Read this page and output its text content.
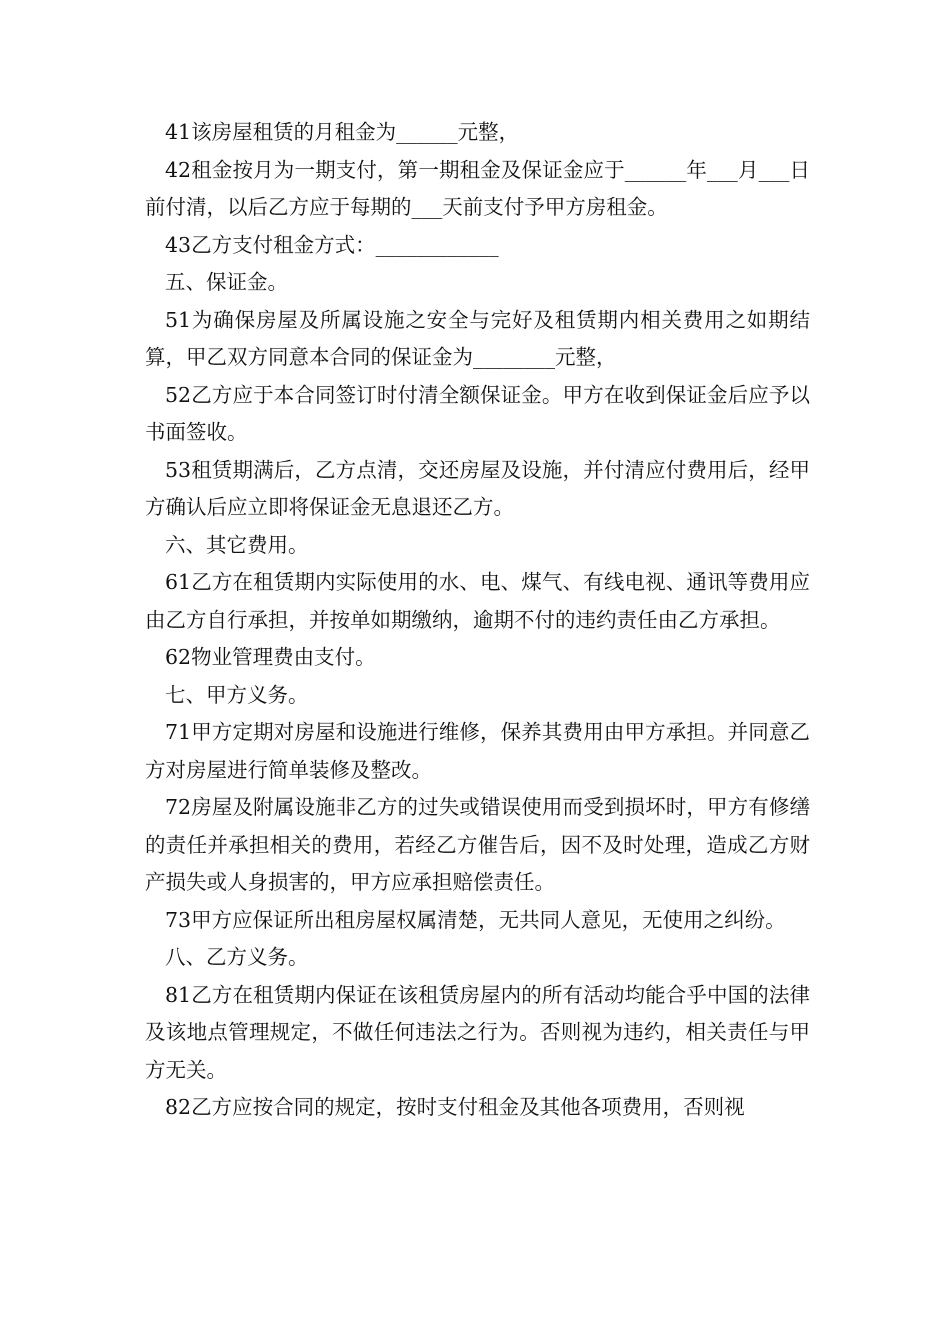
41该房屋租赁的月租金为______元整，

42租金按月为一期支付，第一期租金及保证金应于______年___月___日前付清，以后乙方应于每期的___天前支付予甲方房租金。

43乙方支付租金方式：____________

五、保证金。

51为确保房屋及所属设施之安全与完好及租赁期内相关费用之如期结算，甲乙双方同意本合同的保证金为________元整，

52乙方应于本合同签订时付清全额保证金。甲方在收到保证金后应予以书面签收。

53租赁期满后，乙方点清，交还房屋及设施，并付清应付费用后，经甲方确认后应立即将保证金无息退还乙方。

六、其它费用。

61乙方在租赁期内实际使用的水、电、煤气、有线电视、通讯等费用应由乙方自行承担，并按单如期缴纳，逾期不付的违约责任由乙方承担。

62物业管理费由支付。

七、甲方义务。

71甲方定期对房屋和设施进行维修，保养其费用由甲方承担。并同意乙方对房屋进行简单装修及整改。

72房屋及附属设施非乙方的过失或错误使用而受到损坏时，甲方有修缮的责任并承担相关的费用，若经乙方催告后，因不及时处理，造成乙方财产损失或人身损害的，甲方应承担赔偿责任。

73甲方应保证所出租房屋权属清楚，无共同人意见，无使用之纠纷。

八、乙方义务。

81乙方在租赁期内保证在该租赁房屋内的所有活动均能合乎中国的法律及该地点管理规定，不做任何违法之行为。否则视为违约，相关责任与甲方无关。

82乙方应按合同的规定，按时支付租金及其他各项费用，否则视
